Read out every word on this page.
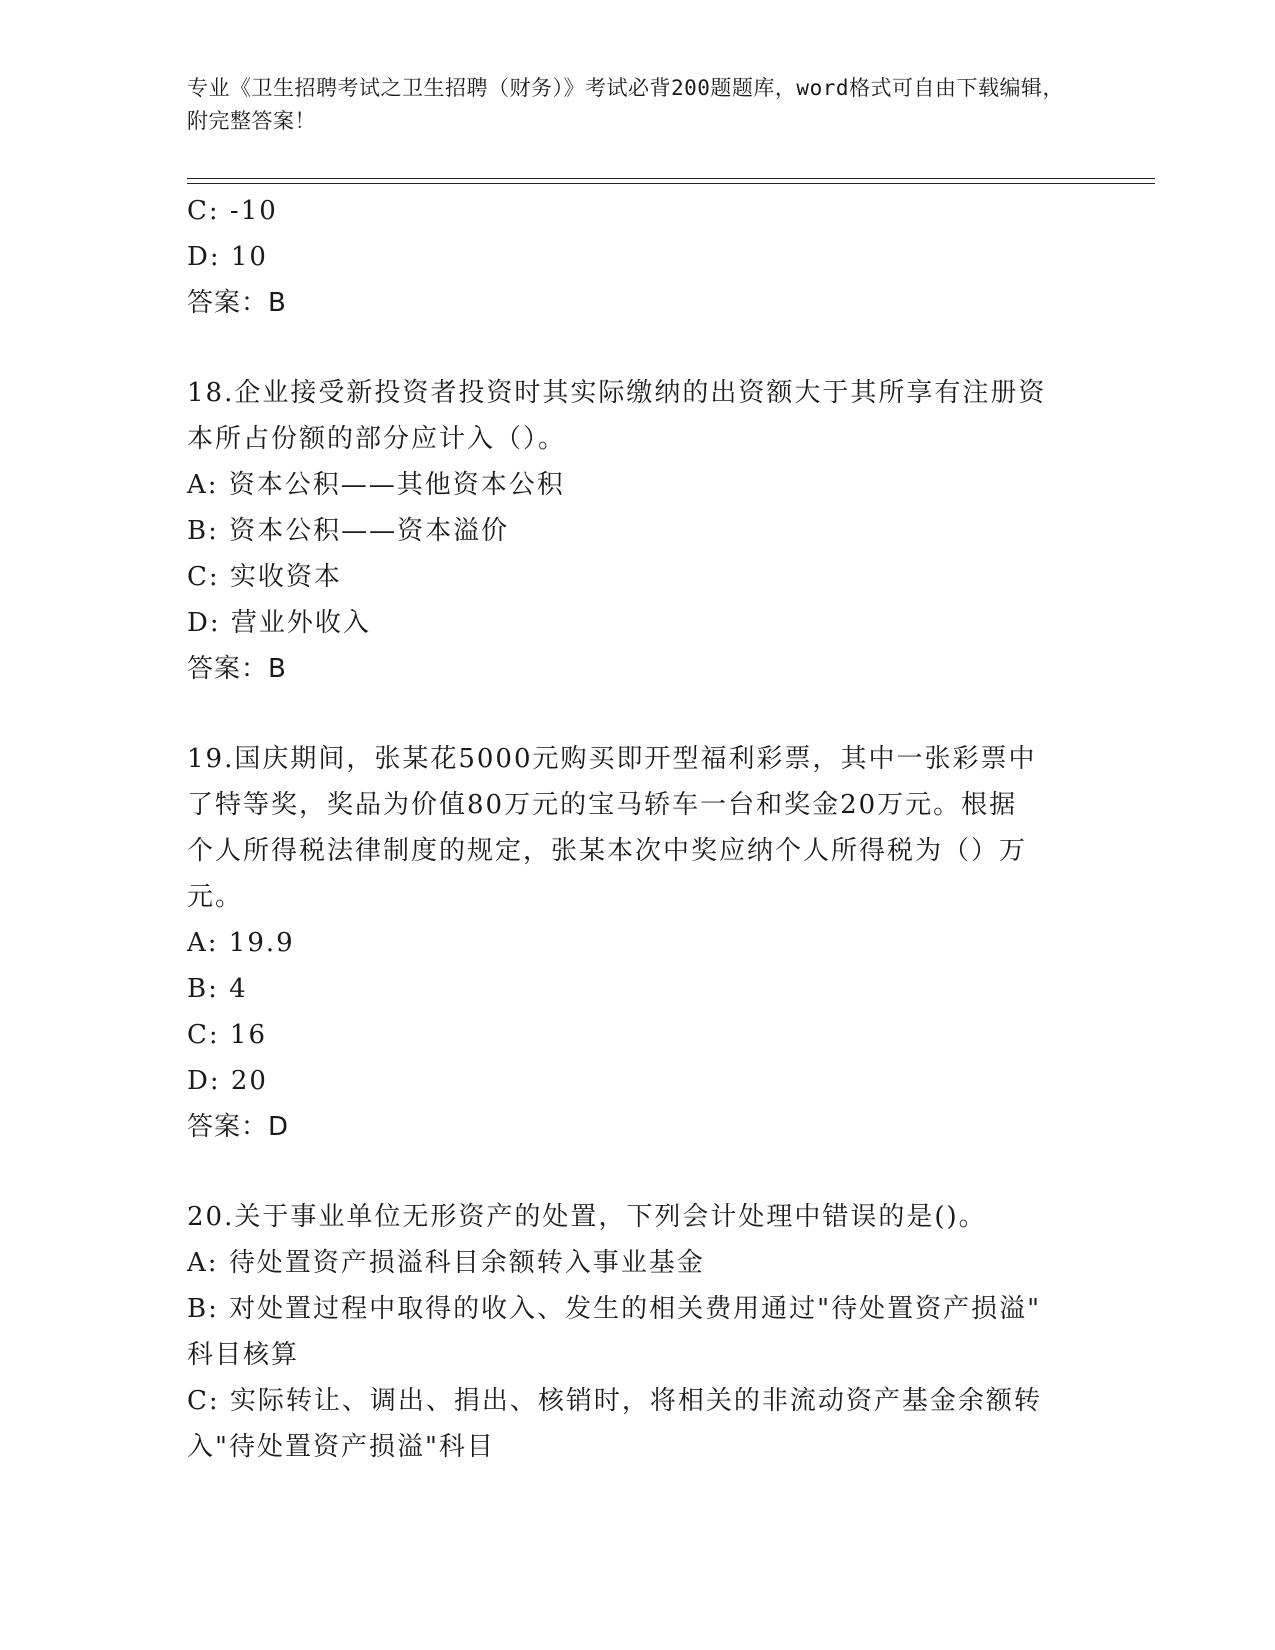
专业《卫生招聘考试之卫生招聘（财务）》考试必背200题题库，word格式可自由下载编辑，附完整答案！

C: -10

D: 10

答案：B

18.企业接受新投资者投资时其实际缴纳的出资额大于其所享有注册资

本所占份额的部分应计入（）。

A: 资本公积——其他资本公积

B: 资本公积——资本溢价

C: 实收资本

D: 营业外收入

答案：B

19.国庆期间，张某花5000元购买即开型福利彩票，其中一张彩票中

了特等奖，奖品为价值80万元的宝马轿车一台和奖金20万元。根据

个人所得税法律制度的规定，张某本次中奖应纳个人所得税为（）万

元。

A: 19.9

B: 4

C: 16

D: 20

答案：D

20.关于事业单位无形资产的处置，下列会计处理中错误的是()。

A: 待处置资产损溢科目余额转入事业基金

B: 对处置过程中取得的收入、发生的相关费用通过"待处置资产损溢"

科目核算

C: 实际转让、调出、捐出、核销时，将相关的非流动资产基金余额转

入"待处置资产损溢"科目
